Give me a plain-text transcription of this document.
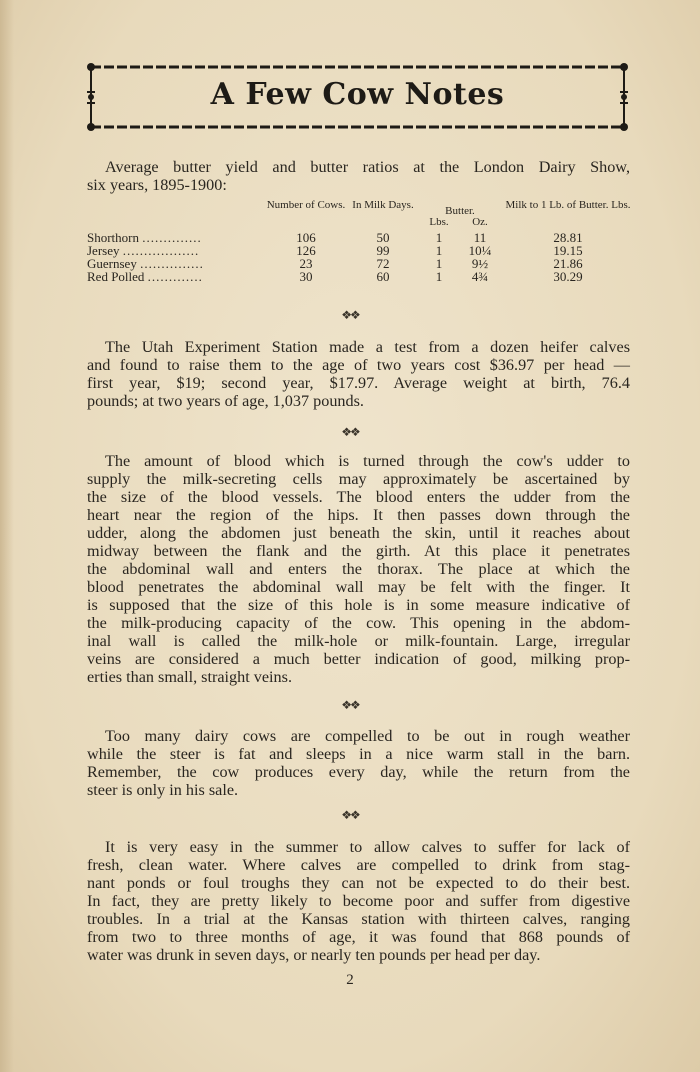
A Few Cow Notes
Average butter yield and butter ratios at the London Dairy Show,
six years, 1895-1900:
	Number of Cows.	In Milk Days.	Butter.		Milk to 1 Lb. of Butter. Lbs.
			Lbs.	Oz.	
Shorthorn ..............	106	50	1	11	28.81
Jersey ..................	126	99	1	10¼	19.15
Guernsey ...............	23	72	1	9½	21.86
Red Polled .............	30	60	1	4¾	30.29
❖❖
The Utah Experiment Station made a test from a dozen heifer calves
and found to raise them to the age of two years cost $36.97 per head —
first year, $19; second year, $17.97. Average weight at birth, 76.4
pounds; at two years of age, 1,037 pounds.
❖❖
The amount of blood which is turned through the cow's udder to
supply the milk-secreting cells may approximately be ascertained by
the size of the blood vessels. The blood enters the udder from the
heart near the region of the hips. It then passes down through the
udder, along the abdomen just beneath the skin, until it reaches about
midway between the flank and the girth. At this place it penetrates
the abdominal wall and enters the thorax. The place at which the
blood penetrates the abdominal wall may be felt with the finger. It
is supposed that the size of this hole is in some measure indicative of
the milk-producing capacity of the cow. This opening in the abdom-
inal wall is called the milk-hole or milk-fountain. Large, irregular
veins are considered a much better indication of good, milking prop-
erties than small, straight veins.
❖❖
Too many dairy cows are compelled to be out in rough weather
while the steer is fat and sleeps in a nice warm stall in the barn.
Remember, the cow produces every day, while the return from the
steer is only in his sale.
❖❖
It is very easy in the summer to allow calves to suffer for lack of
fresh, clean water. Where calves are compelled to drink from stag-
nant ponds or foul troughs they can not be expected to do their best.
In fact, they are pretty likely to become poor and suffer from digestive
troubles. In a trial at the Kansas station with thirteen calves, ranging
from two to three months of age, it was found that 868 pounds of
water was drunk in seven days, or nearly ten pounds per head per day.
2
